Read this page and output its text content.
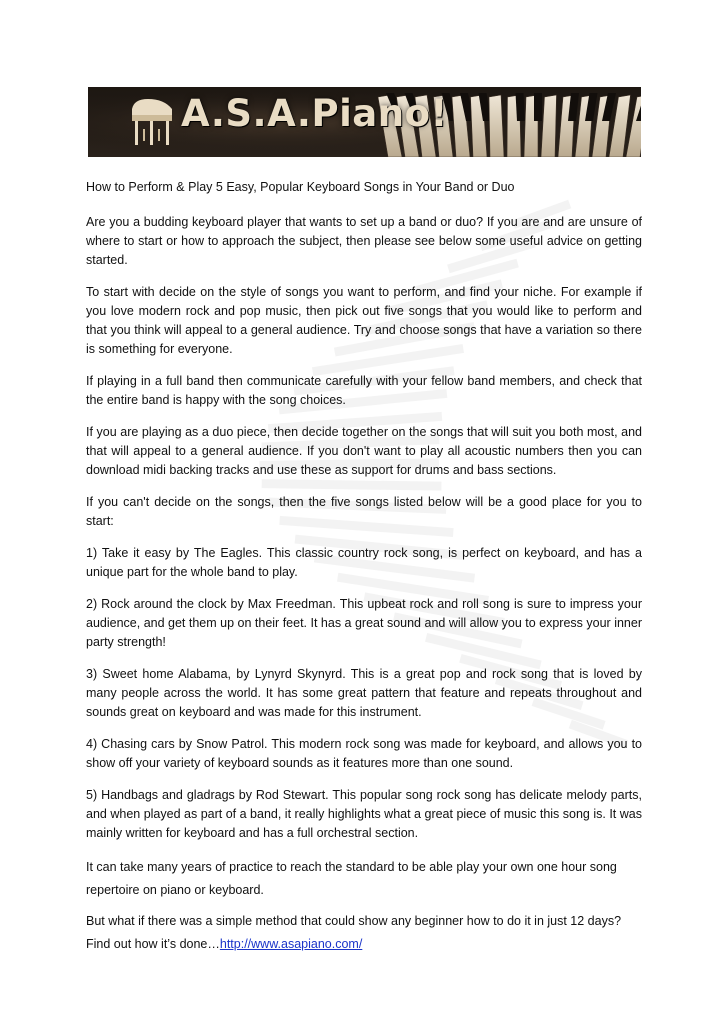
A.S.A.Piano!

How to Perform & Play 5 Easy, Popular Keyboard Songs in Your Band or Duo

Are you a budding keyboard player that wants to set up a band or duo? If you are and are unsure of where to start or how to approach the subject, then please see below some useful advice on getting started.

To start with decide on the style of songs you want to perform, and find your niche. For example if you love modern rock and pop music, then pick out five songs that you would like to perform and that you think will appeal to a general audience. Try and choose songs that have a variation so there is something for everyone.

If playing in a full band then communicate carefully with your fellow band members, and check that the entire band is happy with the song choices.

If you are playing as a duo piece, then decide together on the songs that will suit you both most, and that will appeal to a general audience. If you don't want to play all acoustic numbers then you can download midi backing tracks and use these as support for drums and bass sections.

If you can't decide on the songs, then the five songs listed below will be a good place for you to start:

1) Take it easy by The Eagles. This classic country rock song, is perfect on keyboard, and has a unique part for the whole band to play.

2) Rock around the clock by Max Freedman. This upbeat rock and roll song is sure to impress your audience, and get them up on their feet. It has a great sound and will allow you to express your inner party strength!

3) Sweet home Alabama, by Lynyrd Skynyrd. This is a great pop and rock song that is loved by many people across the world. It has some great pattern that feature and repeats throughout and sounds great on keyboard and was made for this instrument.

4) Chasing cars by Snow Patrol. This modern rock song was made for keyboard, and allows you to show off your variety of keyboard sounds as it features more than one sound.

5) Handbags and gladrags by Rod Stewart. This popular song rock song has delicate melody parts, and when played as part of a band, it really highlights what a great piece of music this song is. It was mainly written for keyboard and has a full orchestral section.

It can take many years of practice to reach the standard to be able play your own one hour song repertoire on piano or keyboard.

But what if there was a simple method that could show any beginner how to do it in just 12 days? Find out how it’s done…http://www.asapiano.com/
